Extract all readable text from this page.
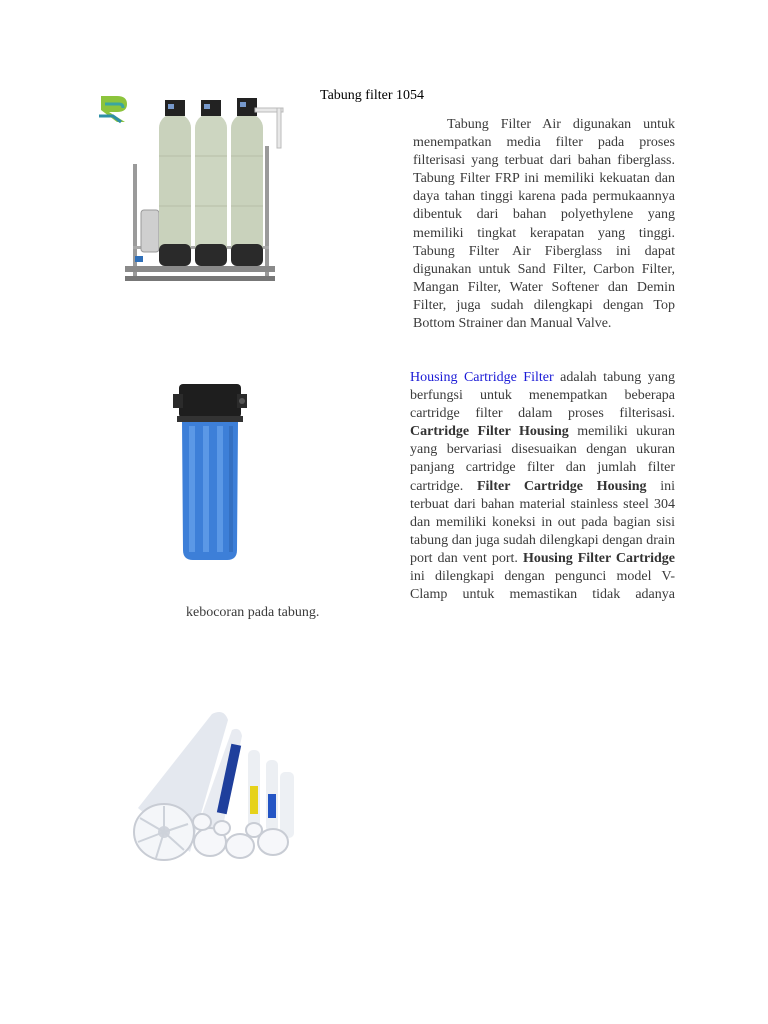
Tabung filter 1054

Tabung Filter Air digunakan untuk menempatkan media filter pada proses filterisasi yang terbuat dari bahan fiberglass. Tabung Filter FRP ini memiliki kekuatan dan daya tahan tinggi karena pada permukaannya dibentuk dari bahan polyethylene yang memiliki tingkat kerapatan yang tinggi. Tabung Filter Air Fiberglass ini dapat digunakan untuk Sand Filter, Carbon Filter, Mangan Filter, Water Softener dan Demin Filter, juga sudah dilengkapi dengan Top Bottom Strainer dan Manual Valve.

Housing Cartridge Filter adalah tabung yang berfungsi untuk menempatkan beberapa cartridge filter dalam proses filterisasi. Cartridge Filter Housing memiliki ukuran yang bervariasi disesuaikan dengan ukuran panjang cartridge filter dan jumlah filter cartridge. Filter Cartridge Housing ini terbuat dari bahan material stainless steel 304 dan memiliki koneksi in out pada bagian sisi tabung dan juga sudah dilengkapi dengan drain port dan vent port. Housing Filter Cartridge ini dilengkapi dengan pengunci model V-Clamp untuk memastikan tidak adanya kebocoran pada tabung.
